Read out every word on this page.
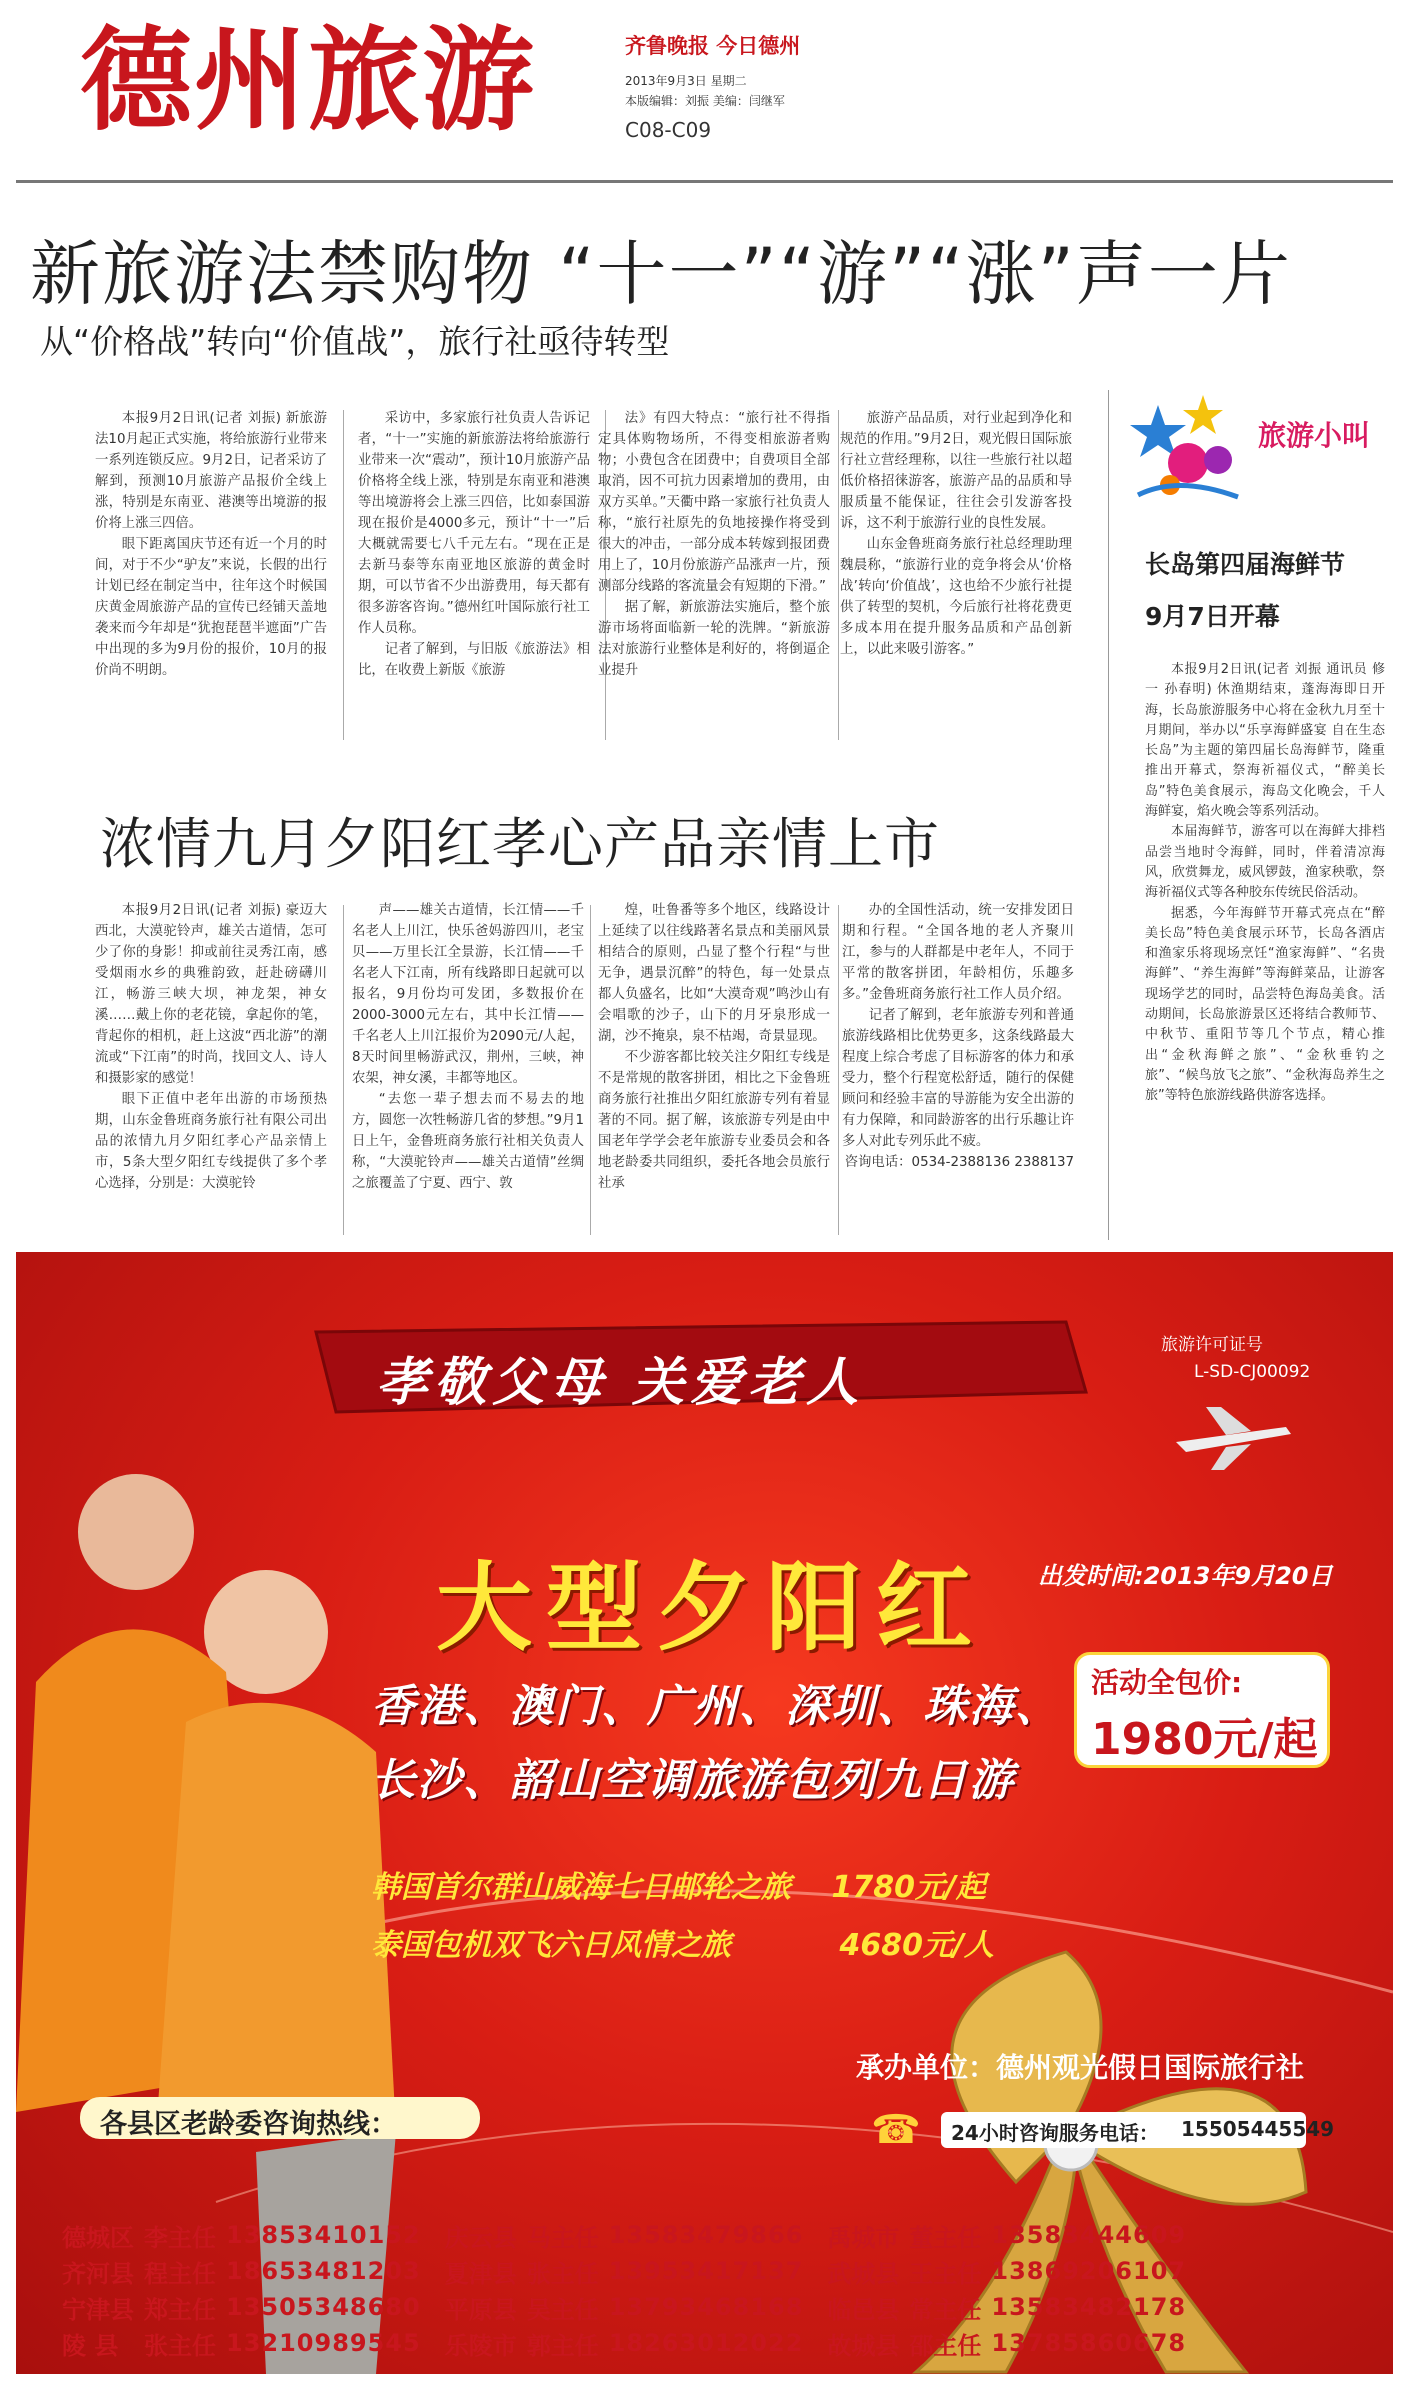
德州旅游	齐鲁晚报 今日德州
2013年9月3日 星期二
本版编辑：刘振 美编：闫继军
C08-C09
新旅游法禁购物 “十一”“游”“涨”声一片
从“价格战”转向“价值战”，旅行社亟待转型

本报9月2日讯(记者 刘振) 新旅游法10月起正式实施，将给旅游行业带来一系列连锁反应。9月2日，记者采访了解到，预测10月旅游产品报价全线上涨，特别是东南亚、港澳等出境游的报价将上涨三四倍。

眼下距离国庆节还有近一个月的时间，对于不少“驴友”来说，长假的出行计划已经在制定当中，往年这个时候国庆黄金周旅游产品的宣传已经铺天盖地袭来而今年却是“犹抱琵琶半遮面”广告中出现的多为9月份的报价，10月的报价尚不明朗。

采访中，多家旅行社负责人告诉记者，“十一”实施的新旅游法将给旅游行业带来一次“震动”，预计10月旅游产品价格将全线上涨，特别是东南亚和港澳等出境游将会上涨三四倍，比如泰国游现在报价是4000多元，预计“十一”后大概就需要七八千元左右。“现在正是去新马泰等东南亚地区旅游的黄金时期，可以节省不少出游费用，每天都有很多游客咨询。”德州红叶国际旅行社工作人员称。

记者了解到，与旧版《旅游法》相比，在收费上新版《旅游

法》有四大特点：“旅行社不得指定具体购物场所，不得变相旅游者购物；小费包含在团费中；自费项目全部取消，因不可抗力因素增加的费用，由双方买单。”天衢中路一家旅行社负责人称，“旅行社原先的负地接操作将受到很大的冲击，一部分成本转嫁到报团费用上了，10月份旅游产品涨声一片，预测部分线路的客流量会有短期的下滑。”

据了解，新旅游法实施后，整个旅游市场将面临新一轮的洗牌。“新旅游法对旅游行业整体是利好的，将倒逼企业提升

旅游产品品质，对行业起到净化和规范的作用。”9月2日，观光假日国际旅行社立营经理称，以往一些旅行社以超低价格招徕游客，旅游产品的品质和导服质量不能保证，往往会引发游客投诉，这不利于旅游行业的良性发展。

山东金鲁班商务旅行社总经理助理魏晨称，“旅游行业的竞争将会从‘价格战’转向‘价值战’，这也给不少旅行社提供了转型的契机，今后旅行社将花费更多成本用在提升服务品质和产品创新上，以此来吸引游客。”

旅游小叫
长岛第四届海鲜节
9月7日开幕

本报9月2日讯(记者 刘振 通讯员 修一 孙春明) 休渔期结束，蓬海海即日开海，长岛旅游服务中心将在金秋九月至十月期间，举办以“乐享海鲜盛宴 自在生态长岛”为主题的第四届长岛海鲜节，隆重推出开幕式，祭海祈福仪式，“醉美长岛”特色美食展示，海岛文化晚会，千人海鲜宴，焰火晚会等系列活动。

本届海鲜节，游客可以在海鲜大排档品尝当地时令海鲜，同时，伴着清凉海风，欣赏舞龙，威风锣鼓，渔家秧歌，祭海祈福仪式等各种胶东传统民俗活动。

据悉，今年海鲜节开幕式亮点在“醉美长岛”特色美食展示环节，长岛各酒店和渔家乐将现场烹饪“渔家海鲜”、“名贵海鲜”、“养生海鲜”等海鲜菜品，让游客现场学艺的同时，品尝特色海岛美食。活动期间，长岛旅游景区还将结合教师节、中秋节、重阳节等几个节点，精心推出“金秋海鲜之旅”、“金秋垂钓之旅”、“候鸟放飞之旅”、“金秋海岛养生之旅”等特色旅游线路供游客选择。

浓情九月夕阳红孝心产品亲情上市

本报9月2日讯(记者 刘振) 豪迈大西北，大漠驼铃声，雄关古道情，怎可少了你的身影！抑或前往灵秀江南，感受烟雨水乡的典雅韵致，赶赴磅礴川江，畅游三峡大坝，神龙架，神女溪……戴上你的老花镜，拿起你的笔，背起你的相机，赶上这波“西北游”的潮流或“下江南”的时尚，找回文人、诗人和摄影家的感觉！

眼下正值中老年出游的市场预热期，山东金鲁班商务旅行社有限公司出品的浓情九月夕阳红孝心产品亲情上市，5条大型夕阳红专线提供了多个孝心选择，分别是：大漠驼铃

声——雄关古道情，长江情——千名老人上川江，快乐爸妈游四川，老宝贝——万里长江全景游，长江情——千名老人下江南，所有线路即日起就可以报名，9月份均可发团，多数报价在2000-3000元左右，其中长江情——千名老人上川江报价为2090元/人起，8天时间里畅游武汉，荆州，三峡，神农架，神女溪，丰都等地区。

“去您一辈子想去而不易去的地方，圆您一次牲畅游几省的梦想。”9月1日上午，金鲁班商务旅行社相关负责人称，“大漠驼铃声——雄关古道情”丝绸之旅覆盖了宁夏、西宁、敦

煌，吐鲁番等多个地区，线路设计上延续了以往线路著名景点和美丽风景相结合的原则，凸显了整个行程“与世无争，遇景沉醉”的特色，每一处景点都人负盛名，比如“大漠奇观”鸣沙山有会唱歌的沙子，山下的月牙泉形成一湖，沙不掩泉，泉不枯竭，奇景显现。

不少游客都比较关注夕阳红专线是不是常规的散客拼团，相比之下金鲁班商务旅行社推出夕阳红旅游专列有着显著的不同。据了解，该旅游专列是由中国老年学学会老年旅游专业委员会和各地老龄委共同组织，委托各地会员旅行社承

办的全国性活动，统一安排发团日期和行程。“全国各地的老人齐聚川江，参与的人群都是中老年人，不同于平常的散客拼团，年龄相仿，乐趣多多。”金鲁班商务旅行社工作人员介绍。

记者了解到，老年旅游专列和普通旅游线路相比优势更多，这条线路最大程度上综合考虑了目标游客的体力和承受力，整个行程宽松舒适，随行的保健顾问和经验丰富的导游能为安全出游的有力保障，和同龄游客的出行乐趣让许多人对此专列乐此不疲。

咨询电话：0534-2388136 2388137

旅游许可证号
L-SD-CJ00092
孝敬父母 关爱老人
大型夕阳红 出发时间:2013年9月20日
活动全包价:
1980元/起
香港、澳门、广州、深圳、珠海、
长沙、韶山空调旅游包列九日游
韩国首尔群山威海七日邮轮之旅 1780元/起
泰国包机双飞六日风情之旅	4680元/人
承办单位：德州观光假日国际旅行社
☎ 24小时咨询服务电话： 15505445549
各县区老龄委咨询热线：
德城区	李主任	13853410152	庆云县	马主任	13583479866	禹城市	董主任	13583444609
齐河县	程主任	18653481203	夏津县	张主任	13953417137	武城县	王主任	13869206107
宁津县	郑主任	13505348680	平原县	吴主任	13793468168	临邑县	常主任	13583482178
陵 县	张主任	13210989545	乐陵市	郭主任	18263012022	故城县	邵主任	13785860678
